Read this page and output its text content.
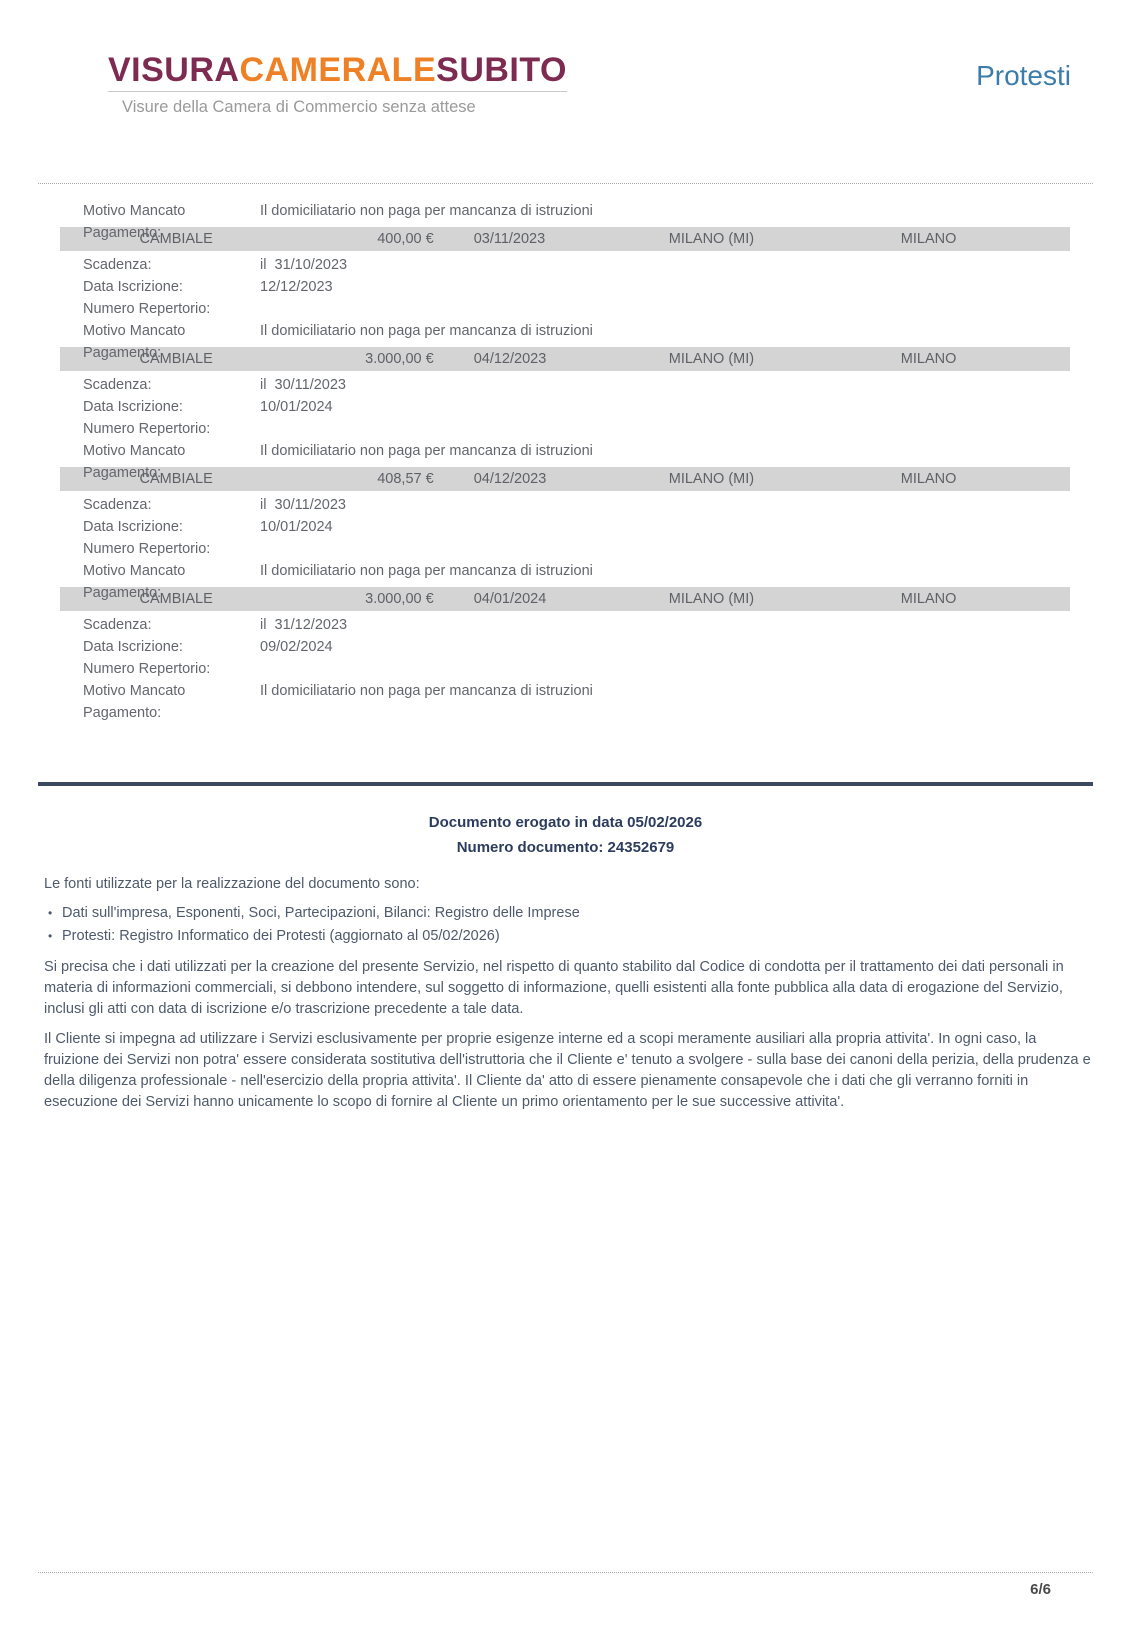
VISURACAMERALESUBITO
Visure della Camera di Commercio senza attese
Protesti
Motivo Mancato Pagamento:
Il domiciliatario non paga per mancanza di istruzioni
CAMBIALE	400,00 €	03/11/2023	MILANO (MI)	MILANO
Scadenza:	il  31/10/2023
Data Iscrizione:	12/12/2023
Numero Repertorio:
Motivo Mancato Pagamento:
Il domiciliatario non paga per mancanza di istruzioni
CAMBIALE	3.000,00 €	04/12/2023	MILANO (MI)	MILANO
Scadenza:	il  30/11/2023
Data Iscrizione:	10/01/2024
Numero Repertorio:
Motivo Mancato Pagamento:
Il domiciliatario non paga per mancanza di istruzioni
CAMBIALE	408,57 €	04/12/2023	MILANO (MI)	MILANO
Scadenza:	il  30/11/2023
Data Iscrizione:	10/01/2024
Numero Repertorio:
Motivo Mancato Pagamento:
Il domiciliatario non paga per mancanza di istruzioni
CAMBIALE	3.000,00 €	04/01/2024	MILANO (MI)	MILANO
Scadenza:	il  31/12/2023
Data Iscrizione:	09/02/2024
Numero Repertorio:
Motivo Mancato Pagamento:
Il domiciliatario non paga per mancanza di istruzioni
Documento erogato in data 05/02/2026
Numero documento: 24352679
Le fonti utilizzate per la realizzazione del documento sono:
• Dati sull'impresa, Esponenti, Soci, Partecipazioni, Bilanci: Registro delle Imprese
• Protesti: Registro Informatico dei Protesti (aggiornato al 05/02/2026)

Si precisa che i dati utilizzati per la creazione del presente Servizio, nel rispetto di quanto stabilito dal Codice di condotta per il trattamento dei dati personali in materia di informazioni commerciali, si debbono intendere, sul soggetto di informazione, quelli esistenti alla fonte pubblica alla data di erogazione del Servizio, inclusi gli atti con data di iscrizione e/o trascrizione precedente a tale data.

Il Cliente si impegna ad utilizzare i Servizi esclusivamente per proprie esigenze interne ed a scopi meramente ausiliari alla propria attivita'. In ogni caso, la fruizione dei Servizi non potra' essere considerata sostitutiva dell'istruttoria che il Cliente e' tenuto a svolgere - sulla base dei canoni della perizia, della prudenza e della diligenza professionale - nell'esercizio della propria attivita'. Il Cliente da' atto di essere pienamente consapevole che i dati che gli verranno forniti in esecuzione dei Servizi hanno unicamente lo scopo di fornire al Cliente un primo orientamento per le sue successive attivita'.

6/6
